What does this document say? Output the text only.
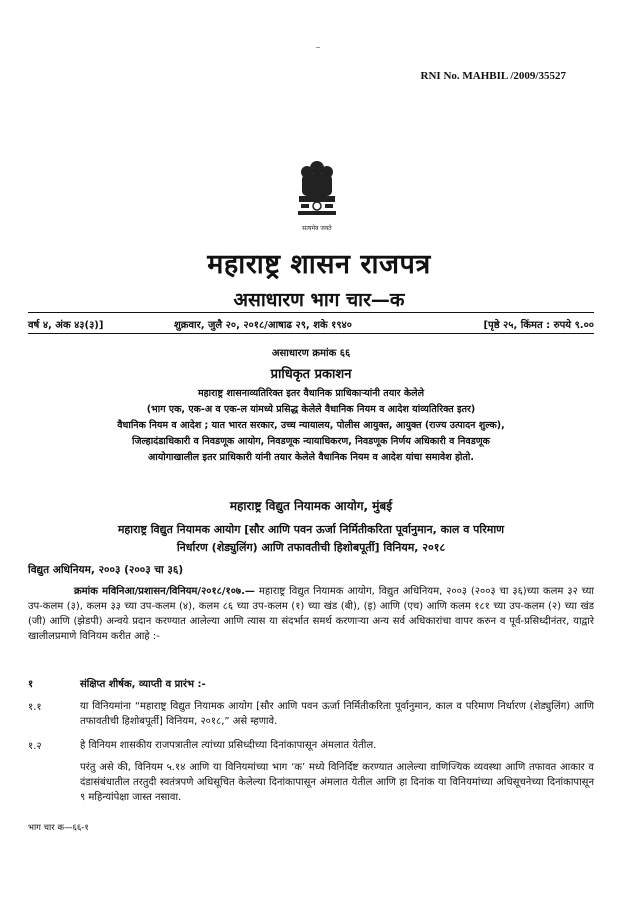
RNI No. MAHBIL /2009/35527
सत्यमेव जयते
महाराष्ट्र शासन राजपत्र
असाधारण भाग चार—क
वर्ष ४, अंक ४३(३)]	शुक्रवार, जुलै २०, २०१८/आषाढ २९, शके १९४०	[पृष्ठे २५, किंमत : रुपये ९.००
असाधारण क्रमांक ६६
प्राधिकृत प्रकाशन
महाराष्ट्र शासनाव्यतिरिक्त इतर वैधानिक प्राधिकाऱ्यांनी तयार केलेले
(भाग एक, एक-अ व एक-ल यांमध्ये प्रसिद्ध केलेले वैधानिक नियम व आदेश यांव्यतिरिक्त इतर)
वैधानिक नियम व आदेश ; यात भारत सरकार, उच्च न्यायालय, पोलीस आयुक्त, आयुक्त (राज्य उत्पादन शुल्क),
जिल्हादंडाधिकारी व निवडणूक आयोग, निवडणूक न्यायाधिकरण, निवडणूक निर्णय अधिकारी व निवडणूक
आयोगाखालील इतर प्राधिकारी यांनी तयार केलेले वैधानिक नियम व आदेश यांचा समावेश होतो.
महाराष्ट्र विद्युत नियामक आयोग, मुंबई
महाराष्ट्र विद्युत नियामक आयोग [सौर आणि पवन ऊर्जा निर्मितीकरिता पूर्वानुमान, काल व परिमाण
निर्धारण (शेड्युलिंग) आणि तफावतीची हिशोबपूर्ती] विनियम, २०१८
विद्युत अधिनियम, २००३ (२००३ चा ३६)
क्रमांक मविनिआ/प्रशासन/विनियम/२०१८/१०७.— महाराष्ट्र विद्युत नियामक आयोग, विद्युत अधिनियम, २००३ (२००३ चा ३६)च्या कलम ३२ च्या उप-कलम (३), कलम ३३ च्या उप-कलम (४), कलम ८६ च्या उप-कलम (१) च्या खंड (बी), (इ) आणि (एच) आणि कलम १८१ च्या उप-कलम (२) च्या खंड (जी) आणि (झेडपी) अन्वये प्रदान करण्यात आलेल्या आणि त्यास या संदर्भात समर्थ करणाऱ्या अन्य सर्व अधिकारांचा वापर करुन व पूर्व-प्रसिध्दीनंतर, याद्वारे खालीलप्रमाणे विनियम करीत आहे :-
१	संक्षिप्त शीर्षक, व्याप्ती व प्रारंभ :-
१.१	या विनियमांना “महाराष्ट्र विद्युत नियामक आयोग [सौर आणि पवन ऊर्जा निर्मितीकरिता पूर्वानुमान, काल व परिमाण निर्धारण (शेड्युलिंग) आणि तफावतीची हिशोबपूर्ती] विनियम, २०१८,” असे म्हणावे.
१.२	हे विनियम शासकीय राजपत्रातील त्यांच्या प्रसिध्दीच्या दिनांकापासून अंमलात येतील.
परंतु असे की, विनियम ५.१४ आणि या विनियमांच्या भाग ‘क’ मध्ये विनिर्दिष्ट करण्यात आलेल्या वाणिज्यिक व्यवस्था आणि तफावत आकार व दंडासंबंधातील तरतुदी स्वतंत्रपणे अधिसूचित केलेल्या दिनांकापासून अंमलात येतील आणि हा दिनांक या विनियमांच्या अधिसूचनेच्या दिनांकापासून ९ महिन्यांपेक्षा जास्त नसावा.
भाग चार क—६६-१
